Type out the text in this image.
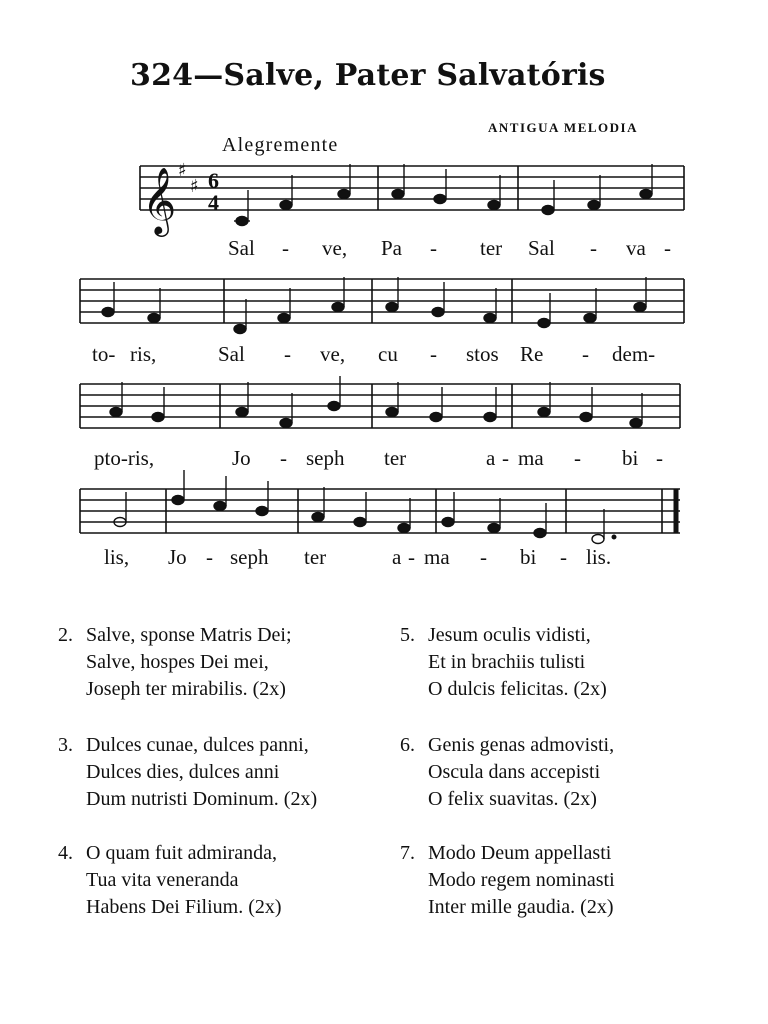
324—Salve, Pater Salvatóris
ANTIGUA MELODIA
Alegremente
𝄞 ♯
♯ 6
4
Sal - ve, Pa - ter Sal - va -
to- ris,	Sal - ve, cu - stos Re - dem-
pto-ris,	Jo - seph ter	a - ma - bi -
lis, Jo - seph ter	a - ma - bi - lis.
2. Salve, sponse Matris Dei;
Salve, hospes Dei mei,
Joseph ter mirabilis. (2x)
5. Jesum oculis vidisti,
Et in brachiis tulisti
O dulcis felicitas. (2x)
3. Dulces cunae, dulces panni,
Dulces dies, dulces anni
Dum nutristi Dominum. (2x)
6. Genis genas admovisti,
Oscula dans accepisti
O felix suavitas. (2x)
4. O quam fuit admiranda,
Tua vita veneranda
Habens Dei Filium. (2x)
7. Modo Deum appellasti
Modo regem nominasti
Inter mille gaudia. (2x)
